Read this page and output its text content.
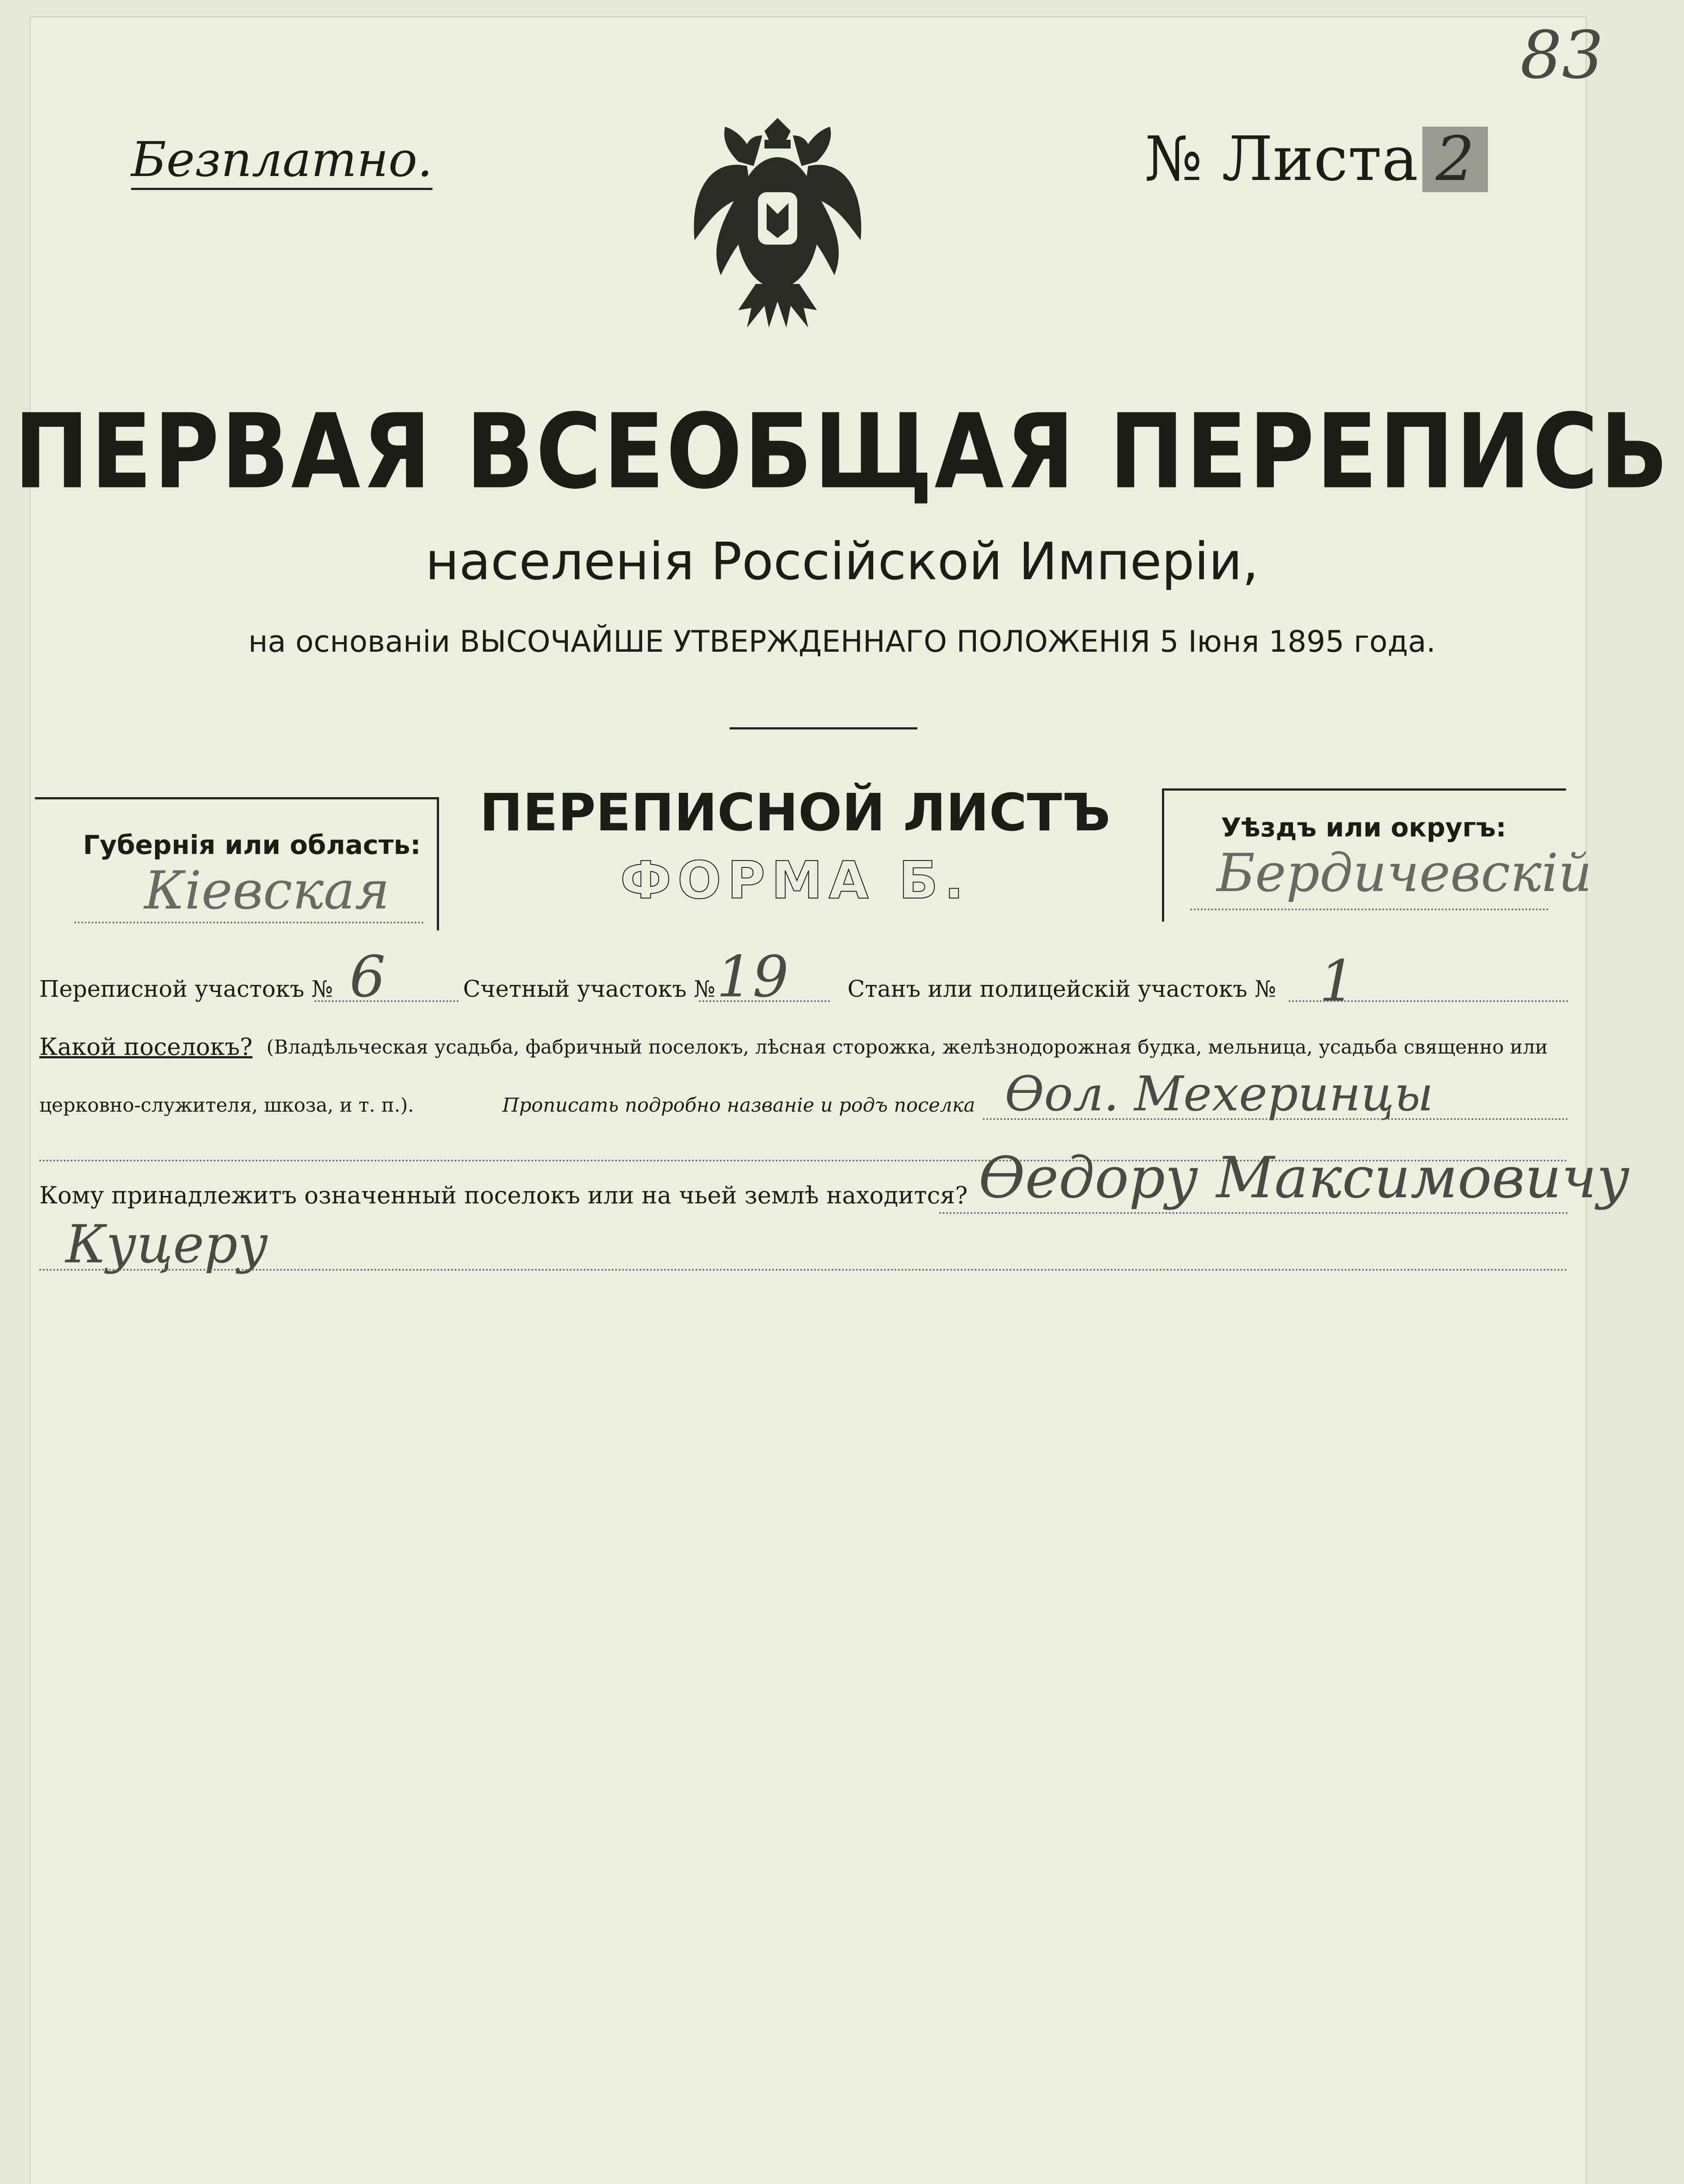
83
Безплатно.	№ Листа 2
ПЕРВАЯ ВСЕОБЩАЯ ПЕРЕПИСЬ
населенія Россійской Имперіи,
на основаніи ВЫСОЧАЙШЕ УТВЕРЖДЕННАГО ПОЛОЖЕНІЯ 5 Іюня 1895 года.
Губернія или область:
Кіевская
ПЕРЕПИСНОЙ ЛИСТЪ
ФОРМА Б.
Уѣздъ или округъ:
Бердичевскій
Переписной участокъ № 6	Счетный участокъ № 19	Станъ или полицейскій участокъ № 1
Какой поселокъ? (Владѣльческая усадьба, фабричный поселокъ, лѣсная сторожка, желѣзнодорожная будка, мельница, усадьба священно или
церковно-служителя, шкоза, и т. п.).	Прописать подробно названіе и родъ поселка Ѳол. Мехеринцы
Кому принадлежитъ означенный поселокъ или на чьей землѣ находится? Ѳедору Максимовичу
Куцеру
